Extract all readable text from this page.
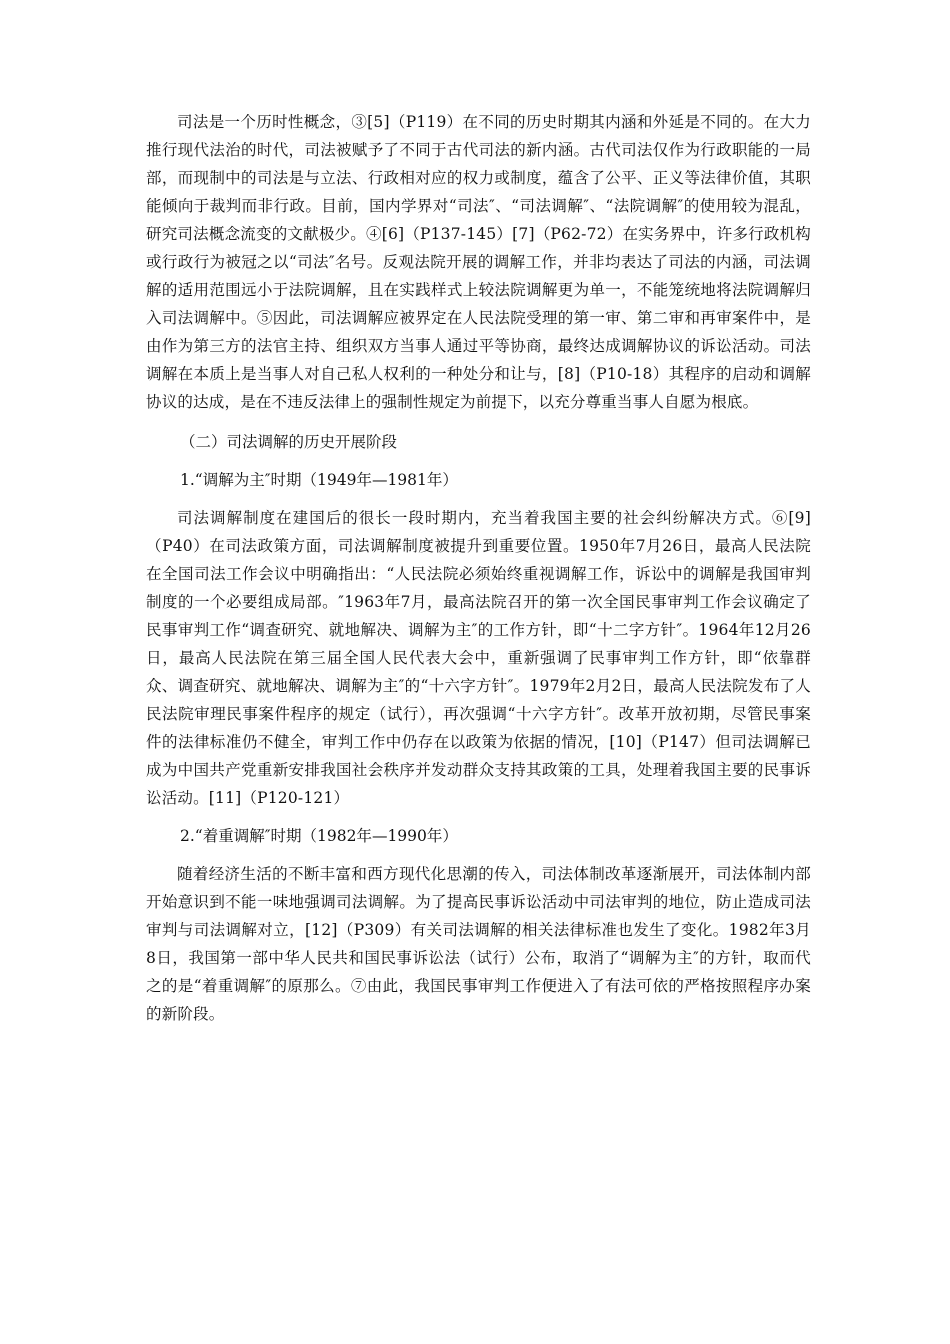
司法是一个历时性概念，③[5]（P119）在不同的历史时期其内涵和外延是不同的。在大力推行现代法治的时代，司法被赋予了不同于古代司法的新内涵。古代司法仅作为行政职能的一局部，而现制中的司法是与立法、行政相对应的权力或制度，蕴含了公平、正义等法律价值，其职能倾向于裁判而非行政。目前，国内学界对“司法″、“司法调解″、“法院调解″的使用较为混乱，研究司法概念流变的文献极少。④[6]（P137-145）[7]（P62-72）在实务界中，许多行政机构或行政行为被冠之以“司法″名号。反观法院开展的调解工作，并非均表达了司法的内涵，司法调解的适用范围远小于法院调解，且在实践样式上较法院调解更为单一，不能笼统地将法院调解归入司法调解中。⑤因此，司法调解应被界定在人民法院受理的第一审、第二审和再审案件中，是由作为第三方的法官主持、组织双方当事人通过平等协商，最终达成调解协议的诉讼活动。司法调解在本质上是当事人对自己私人权利的一种处分和让与，[8]（P10-18）其程序的启动和调解协议的达成，是在不违反法律上的强制性规定为前提下，以充分尊重当事人自愿为根底。

（二）司法调解的历史开展阶段

1.“调解为主″时期（1949年—1981年）

司法调解制度在建国后的很长一段时期内，充当着我国主要的社会纠纷解决方式。⑥[9]（P40）在司法政策方面，司法调解制度被提升到重要位置。1950年7月26日，最高人民法院在全国司法工作会议中明确指出：“人民法院必须始终重视调解工作，诉讼中的调解是我国审判制度的一个必要组成局部。″1963年7月，最高法院召开的第一次全国民事审判工作会议确定了民事审判工作“调查研究、就地解决、调解为主″的工作方针，即“十二字方针″。1964年12月26日，最高人民法院在第三届全国人民代表大会中，重新强调了民事审判工作方针，即“依靠群众、调查研究、就地解决、调解为主″的“十六字方针″。1979年2月2日，最高人民法院发布了人民法院审理民事案件程序的规定（试行），再次强调“十六字方针″。改革开放初期，尽管民事案件的法律标准仍不健全，审判工作中仍存在以政策为依据的情况，[10]（P147）但司法调解已成为中国共产党重新安排我国社会秩序并发动群众支持其政策的工具，处理着我国主要的民事诉讼活动。[11]（P120-121）

2.“着重调解″时期（1982年—1990年）

随着经济生活的不断丰富和西方现代化思潮的传入，司法体制改革逐渐展开，司法体制内部开始意识到不能一味地强调司法调解。为了提高民事诉讼活动中司法审判的地位，防止造成司法审判与司法调解对立，[12]（P309）有关司法调解的相关法律标准也发生了变化。1982年3月8日，我国第一部中华人民共和国民事诉讼法（试行）公布，取消了“调解为主″的方针，取而代之的是“着重调解″的原那么。⑦由此，我国民事审判工作便进入了有法可依的严格按照程序办案的新阶段。
